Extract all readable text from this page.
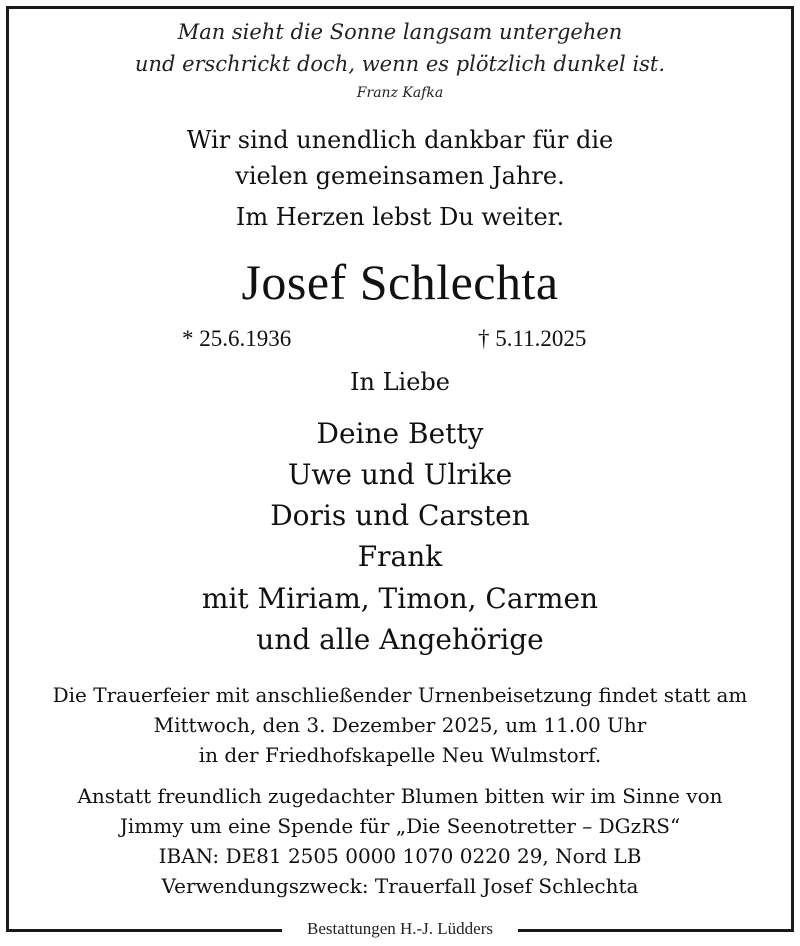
Man sieht die Sonne langsam untergehen
und erschrickt doch, wenn es plötzlich dunkel ist.
Franz Kafka
Wir sind unendlich dankbar für die
vielen gemeinsamen Jahre.
Im Herzen lebst Du weiter.
Josef Schlechta
* 25.6.1936	† 5.11.2025
In Liebe
Deine Betty
Uwe und Ulrike
Doris und Carsten
Frank
mit Miriam, Timon, Carmen
und alle Angehörige
Die Trauerfeier mit anschließender Urnenbeisetzung findet statt am
Mittwoch, den 3. Dezember 2025, um 11.00 Uhr
in der Friedhofskapelle Neu Wulmstorf.
Anstatt freundlich zugedachter Blumen bitten wir im Sinne von
Jimmy um eine Spende für „Die Seenotretter – DGzRS“
IBAN: DE81 2505 0000 1070 0220 29, Nord LB
Verwendungszweck: Trauerfall Josef Schlechta
Bestattungen H.-J. Lüdders
